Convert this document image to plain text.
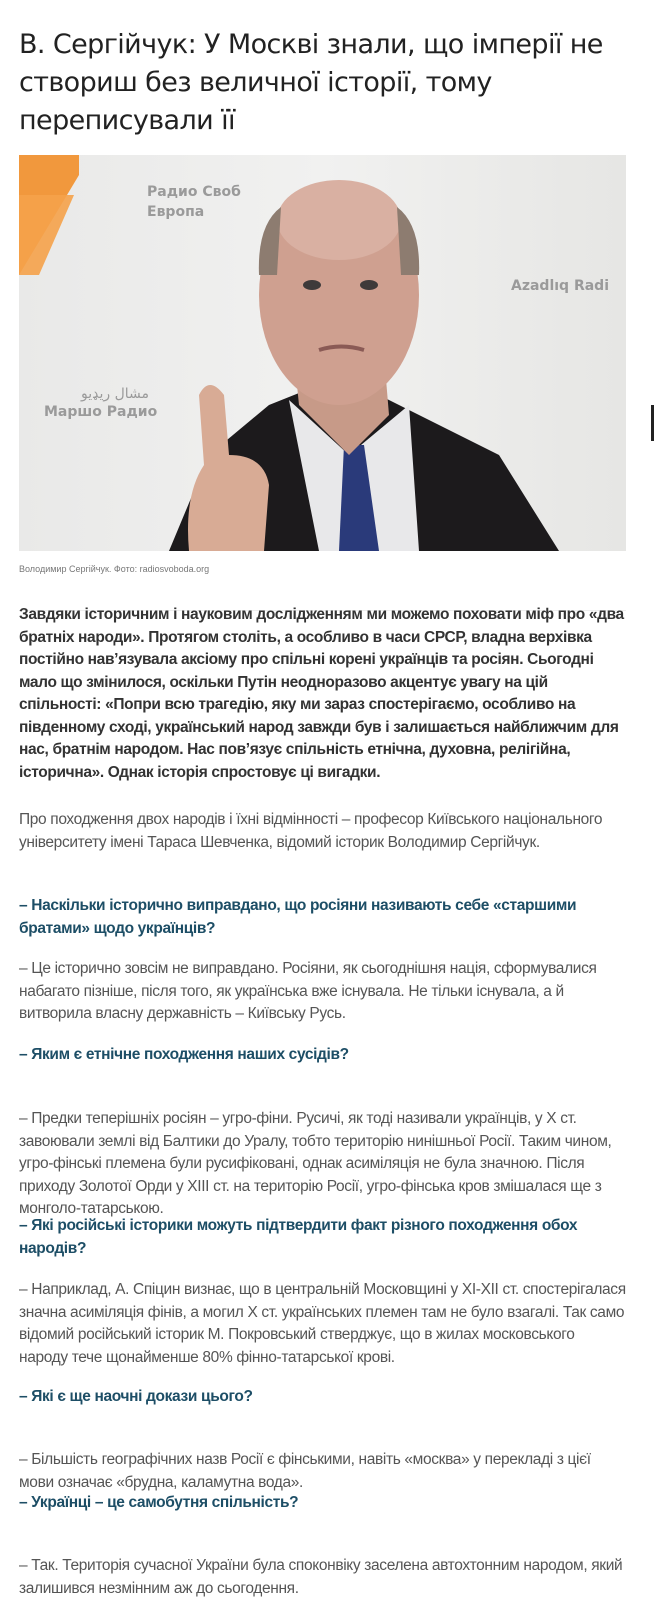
В. Сергійчук: У Москві знали, що імперії не створиш без величної історії, тому переписували її
Радио Своб
Европа
Azadlıq Radi
مشال ریډیو
Маршо Радио
Володимир Сергійчук. Фото: radiosvoboda.org

Завдяки історичним і науковим дослідженням ми можемо поховати міф про «два братніх народи». Протягом століть, а особливо в часи СРСР, владна верхівка постійно нав’язувала аксіому про спільні корені українців та росіян. Сьогодні мало що змінилося, оскільки Путін неодноразово акцентує увагу на цій спільності: «Попри всю трагедію, яку ми зараз спостерігаємо, особливо на південному сході, український народ завжди був і залишається найближчим для нас, братнім народом. Нас пов’язує спільність етнічна, духовна, релігійна, історична». Однак історія спростовує ці вигадки.

Про походження двох народів і їхні відмінності – професор Київського національного університету імені Тараса Шевченка, відомий історик Володимир Сергійчук.

– Наскільки історично виправдано, що росіяни називають себе «старшими братами» щодо українців?

– Це історично зовсім не виправдано. Росіяни, як сьогоднішня нація, сформувалися набагато пізніше, після того, як українська вже існувала. Не тільки існувала, а й витворила власну державність – Київську Русь.

– Яким є етнічне походження наших сусідів?

– Предки теперішніх росіян – угро-фіни. Русичі, як тоді називали українців, у Х ст. завоювали землі від Балтики до Уралу, тобто територію нинішньої Росії. Таким чином, угро-фінські племена були русифіковані, однак асиміляція не була значною. Після приходу Золотої Орди у ХІІІ ст. на територію Росії, угро-фінська кров змішалася ще з монголо-татарською.

– Які російські історики можуть підтвердити факт різного походження обох народів?

– Наприклад, А. Спіцин визнає, що в центральній Московщині у ХІ-ХІІ ст. спостерігалася значна асиміляція фінів, а могил Х ст. українських племен там не було взагалі. Так само відомий російський історик М. Покровський стверджує, що в жилах московського народу тече щонайменше 80% фінно-татарської крові.

– Які є ще наочні докази цього?

– Більшість географічних назв Росії є фінськими, навіть «москва» у перекладі з цієї мови означає «брудна, каламутна вода».

– Українці – це самобутня спільність?

– Так. Територія сучасної України була споконвіку заселена автохтонним народом, який залишився незмінним аж до сьогодення.
